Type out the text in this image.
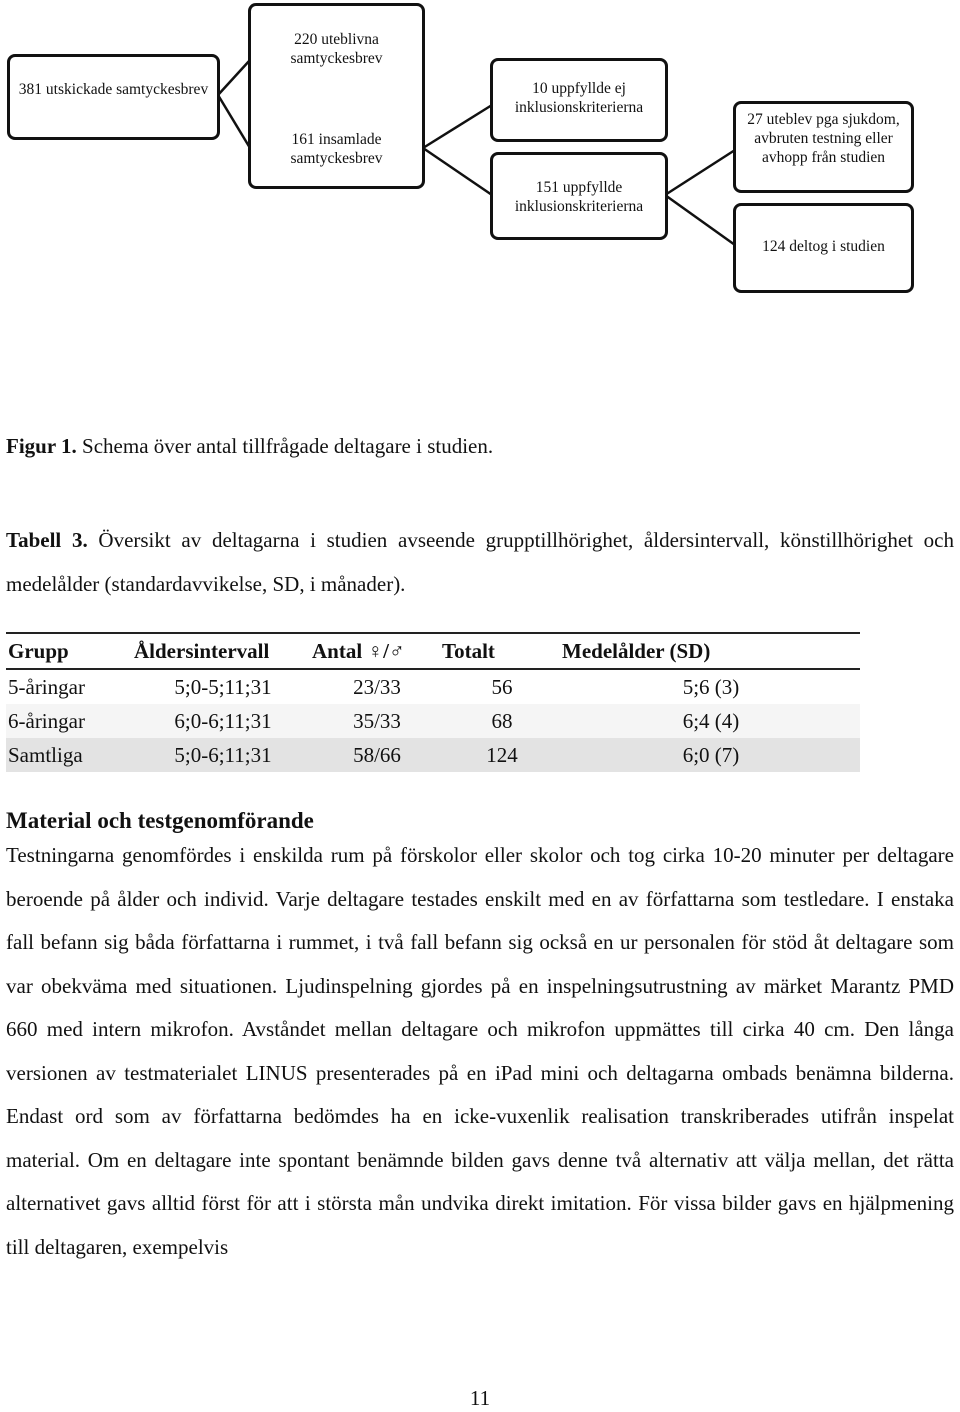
381 utskickade samtyckesbrev
220 uteblivna samtyckesbrev
161 insamlade samtyckesbrev
10 uppfyllde ej inklusionskriterierna
151 uppfyllde inklusionskriterierna
27 uteblev pga sjukdom, avbruten testning eller avhopp från studien
124 deltog i studien
Figur 1. Schema över antal tillfrågade deltagare i studien.
Tabell 3. Översikt av deltagarna i studien avseende grupptillhörighet, åldersintervall, könstillhörighet och medelålder (standardavvikelse, SD, i månader).
Grupp	Åldersintervall	Antal ♀/♂	Totalt	Medelålder (SD)
5-åringar	5;0-5;11;31	23/33	56	5;6 (3)
6-åringar	6;0-6;11;31	35/33	68	6;4 (4)
Samtliga	5;0-6;11;31	58/66	124	6;0 (7)
Material och testgenomförande

Testningarna genomfördes i enskilda rum på förskolor eller skolor och tog cirka 10-20 minuter per deltagare beroende på ålder och individ. Varje deltagare testades enskilt med en av författarna som testledare. I enstaka fall befann sig båda författarna i rummet, i två fall befann sig också en ur personalen för stöd åt deltagare som var obekväma med situationen. Ljudinspelning gjordes på en inspelningsutrustning av märket Marantz PMD 660 med intern mikrofon. Avståndet mellan deltagare och mikrofon uppmättes till cirka 40 cm. Den långa versionen av testmaterialet LINUS presenterades på en iPad mini och deltagarna ombads benämna bilderna. Endast ord som av författarna bedömdes ha en icke-vuxenlik realisation transkriberades utifrån inspelat material. Om en deltagare inte spontant benämnde bilden gavs denne två alternativ att välja mellan, det rätta alternativet gavs alltid först för att i största mån undvika direkt imitation. För vissa bilder gavs en hjälpmening till deltagaren, exempelvis

11
